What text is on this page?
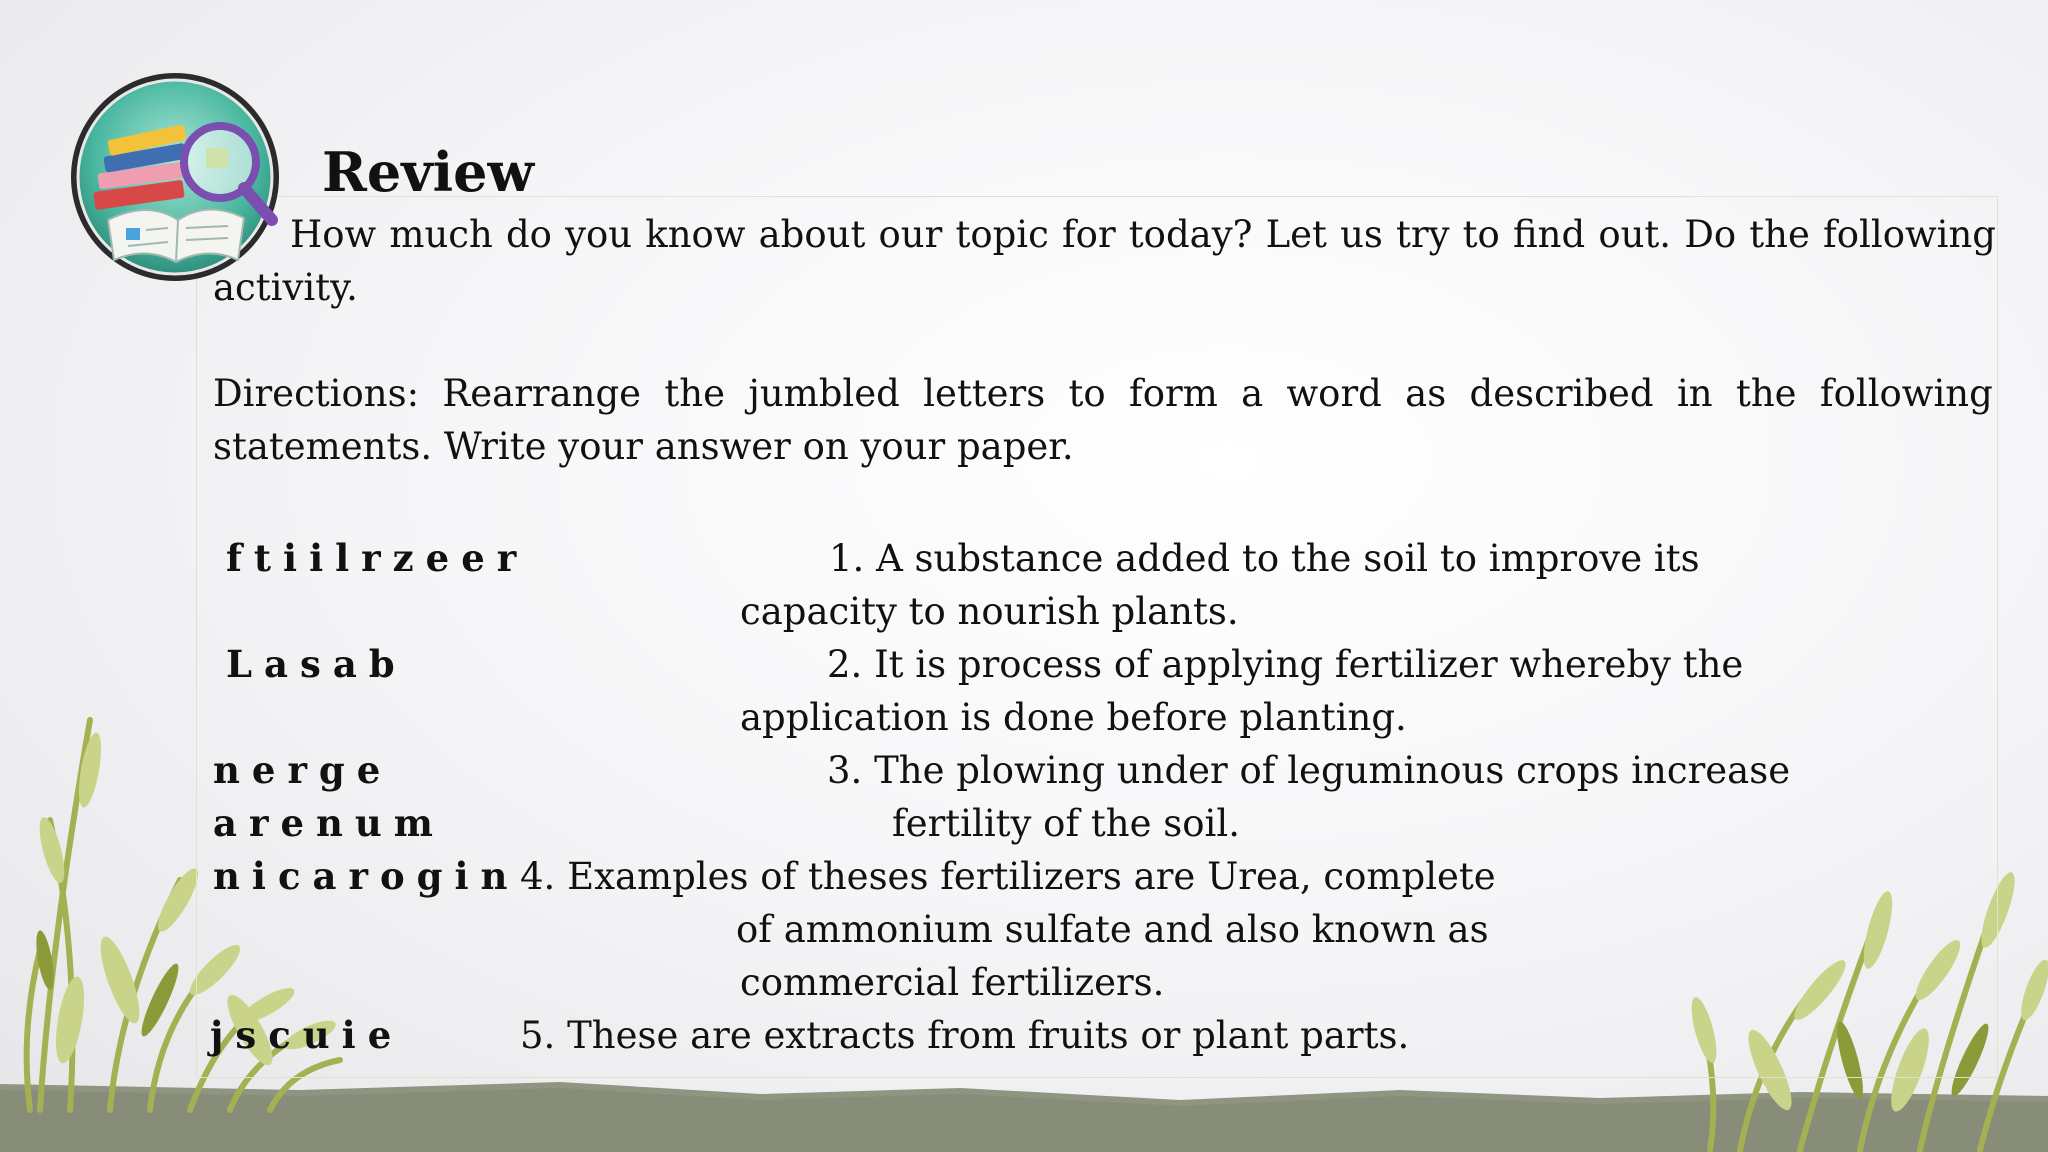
Review

How much do you know about our topic for today? Let us try to find out. Do the following

activity.

Directions: Rearrange the jumbled letters to form a word as described in the following

statements. Write your answer on your paper.

ftiilrzeer
Lasab
nerge
arenum
nicarogin
jscuie

1. A substance added to the soil to improve its

capacity to nourish plants.

2. It is process of applying fertilizer whereby the

application is done before planting.

3. The plowing under of leguminous crops increase

fertility of the soil.

4. Examples of theses fertilizers are Urea, complete

of ammonium sulfate and also known as

commercial fertilizers.

5. These are extracts from fruits or plant parts.
